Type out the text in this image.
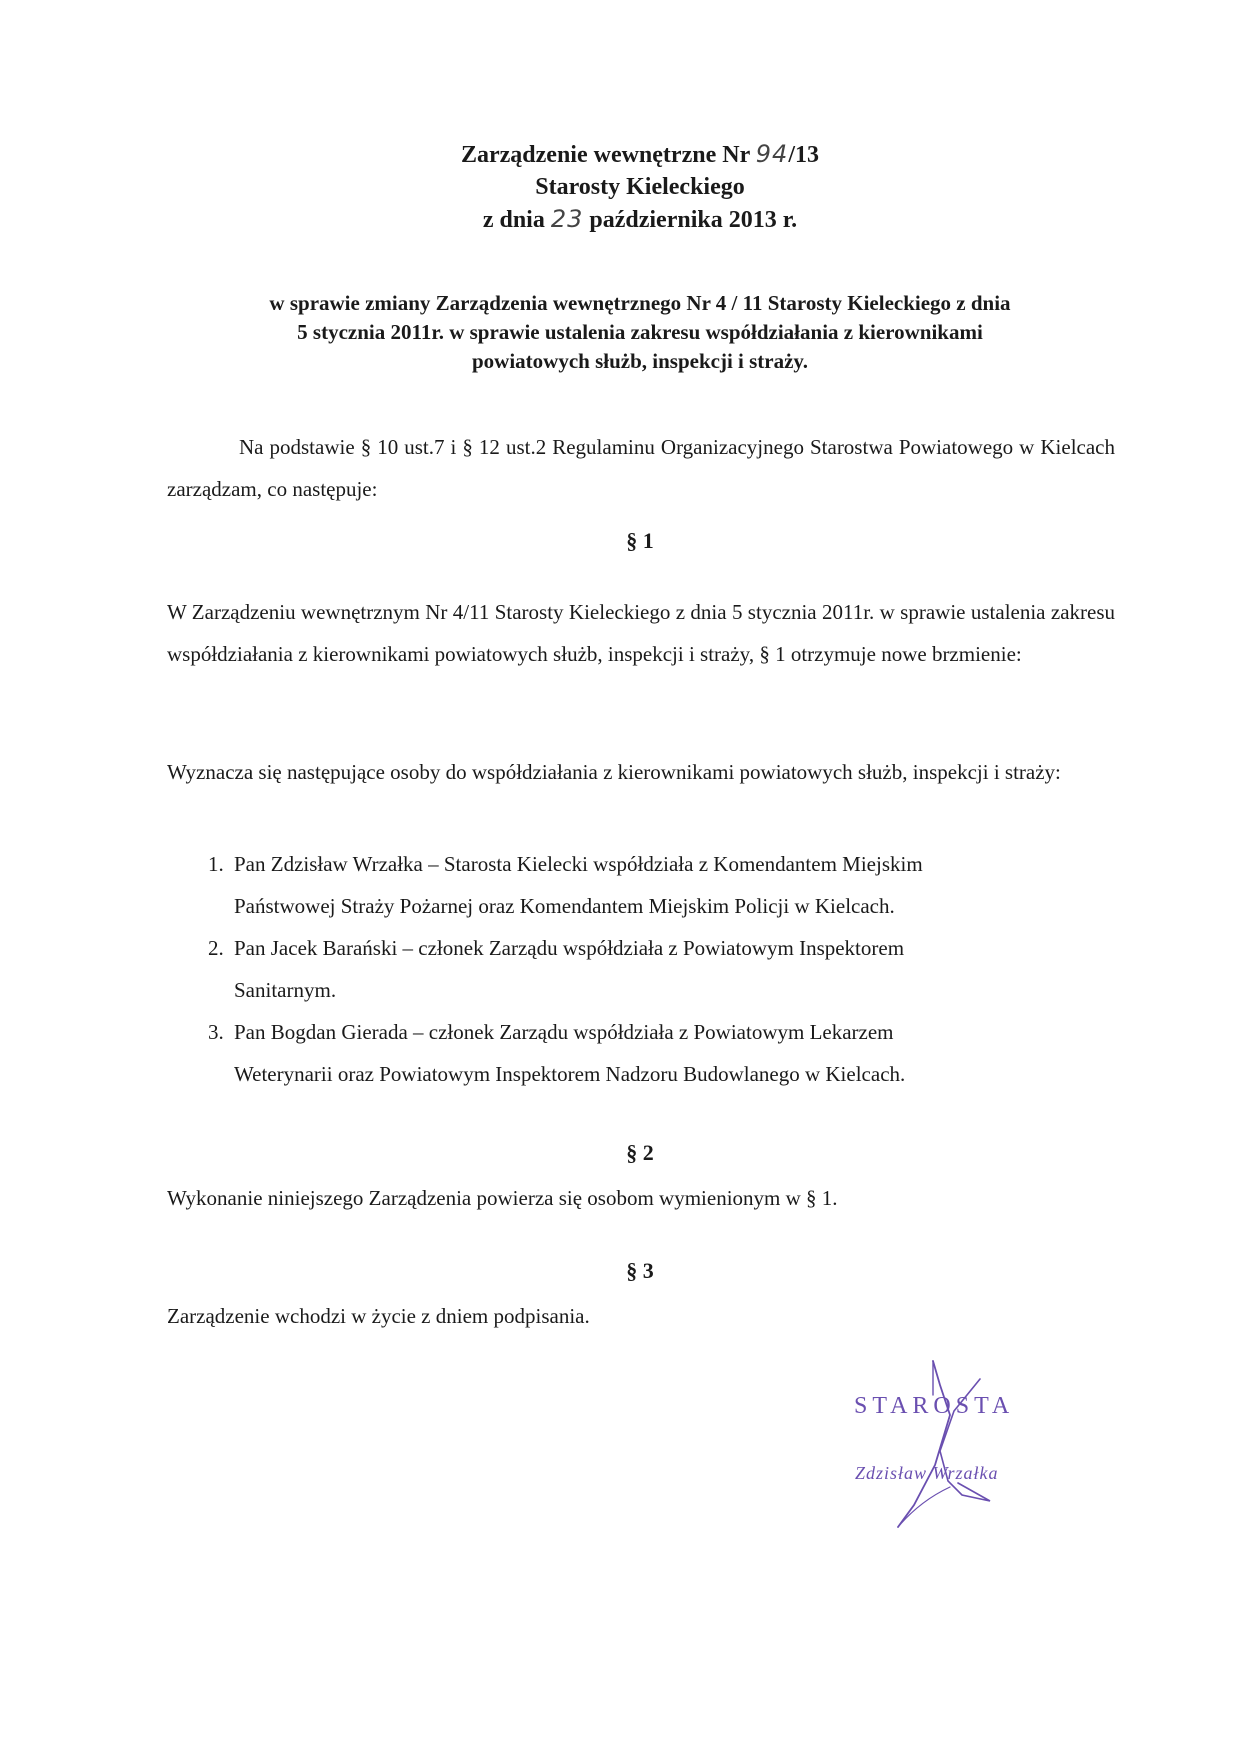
Zarządzenie wewnętrzne Nr 94/13
Starosty Kieleckiego
z dnia 23 października 2013 r.
w sprawie zmiany Zarządzenia wewnętrznego Nr 4 / 11 Starosty Kieleckiego z dnia
5 stycznia 2011r. w sprawie ustalenia zakresu współdziałania z kierownikami
powiatowych służb, inspekcji i straży.
Na podstawie § 10 ust.7 i § 12 ust.2 Regulaminu Organizacyjnego Starostwa Powiatowego w Kielcach zarządzam, co następuje:
§ 1
W Zarządzeniu wewnętrznym Nr 4/11 Starosty Kieleckiego z dnia 5 stycznia 2011r. w sprawie ustalenia zakresu współdziałania z kierownikami powiatowych służb, inspekcji i straży, § 1 otrzymuje nowe brzmienie:
Wyznacza się następujące osoby do współdziałania z kierownikami powiatowych służb, inspekcji i straży:
1. Pan Zdzisław Wrzałka – Starosta Kielecki współdziała z Komendantem Miejskim
Państwowej Straży Pożarnej oraz Komendantem Miejskim Policji w Kielcach.
2. Pan Jacek Barański – członek Zarządu współdziała z Powiatowym Inspektorem
Sanitarnym.
3. Pan Bogdan Gierada – członek Zarządu współdziała z Powiatowym Lekarzem
Weterynarii oraz Powiatowym Inspektorem Nadzoru Budowlanego w Kielcach.
§ 2
Wykonanie niniejszego Zarządzenia powierza się osobom wymienionym w § 1.
§ 3
Zarządzenie wchodzi w życie z dniem podpisania.
STAROSTA
Zdzisław Wrzałka
